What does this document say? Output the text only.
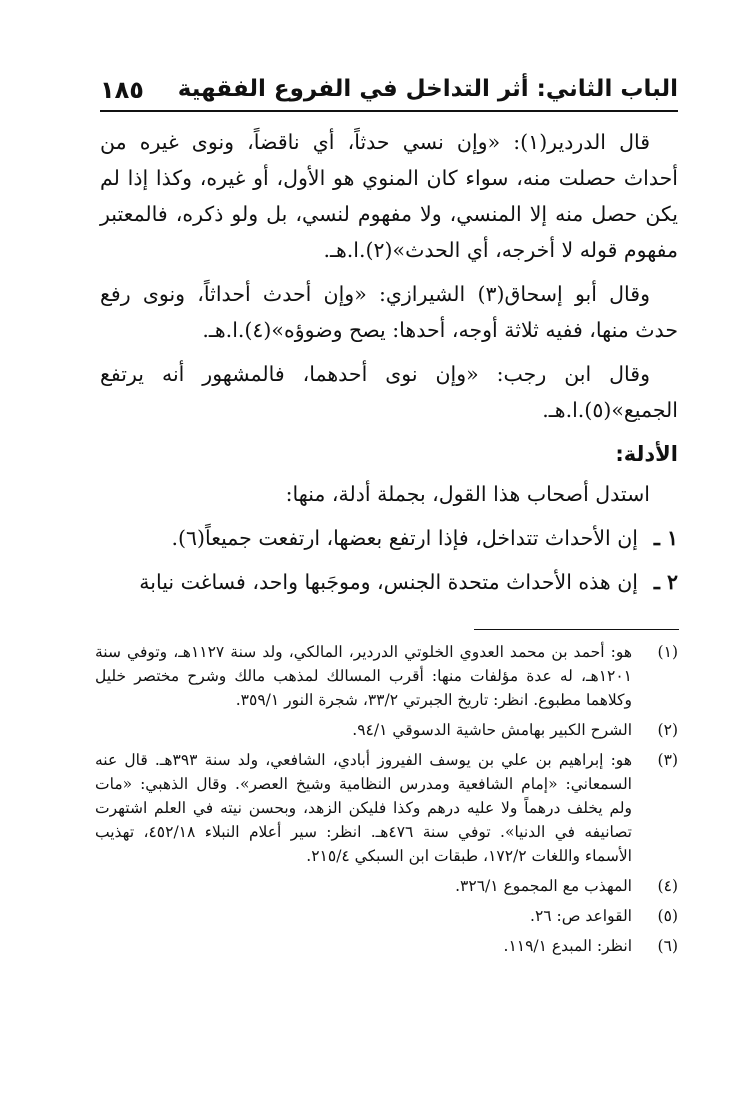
الباب الثاني: أثر التداخل في الفروع الفقهية
١٨٥

قال الدردير(١): «وإن نسي حدثاً، أي ناقضاً، ونوى غيره من أحداث حصلت منه، سواء كان المنوي هو الأول، أو غيره، وكذا إذا لم يكن حصل منه إلا المنسي، ولا مفهوم لنسي، بل ولو ذكره، فالمعتبر مفهوم قوله لا أخرجه، أي الحدث»(٢).ا.هـ.

وقال أبو إسحاق(٣) الشيرازي: «وإن أحدث أحداثاً، ونوى رفع حدث منها، ففيه ثلاثة أوجه، أحدها: يصح وضوؤه»(٤).ا.هـ.

وقال ابن رجب: «وإن نوى أحدهما، فالمشهور أنه يرتفع الجميع»(٥).ا.هـ.

الأدلة:

استدل أصحاب هذا القول، بجملة أدلة، منها:

١ ـ
إن الأحداث تتداخل، فإذا ارتفع بعضها، ارتفعت جميعاً(٦).
٢ ـ
إن هذه الأحداث متحدة الجنس، وموجَبها واحد، فساغت نيابة
(١)
هو: أحمد بن محمد العدوي الخلوتي الدردير، المالكي، ولد سنة ١١٢٧هـ، وتوفي سنة ١٢٠١هـ، له عدة مؤلفات منها: أقرب المسالك لمذهب مالك وشرح مختصر خليل وكلاهما مطبوع. انظر: تاريخ الجبرتي ٣٣/٢، شجرة النور ٣٥٩/١.
(٢)
الشرح الكبير بهامش حاشية الدسوقي ٩٤/١.
(٣)
هو: إبراهيم بن علي بن يوسف الفيروز أبادي، الشافعي، ولد سنة ٣٩٣هـ. قال عنه السمعاني: «إمام الشافعية ومدرس النظامية وشيخ العصر». وقال الذهبي: «مات ولم يخلف درهماً ولا عليه درهم وكذا فليكن الزهد، وبحسن نيته في العلم اشتهرت تصانيفه في الدنيا». توفي سنة ٤٧٦هـ. انظر: سير أعلام النبلاء ٤٥٢/١٨، تهذيب الأسماء واللغات ١٧٢/٢، طبقات ابن السبكي ٢١٥/٤.
(٤)
المهذب مع المجموع ٣٢٦/١.
(٥)
القواعد ص: ٢٦.
(٦)
انظر: المبدع ١١٩/١.
